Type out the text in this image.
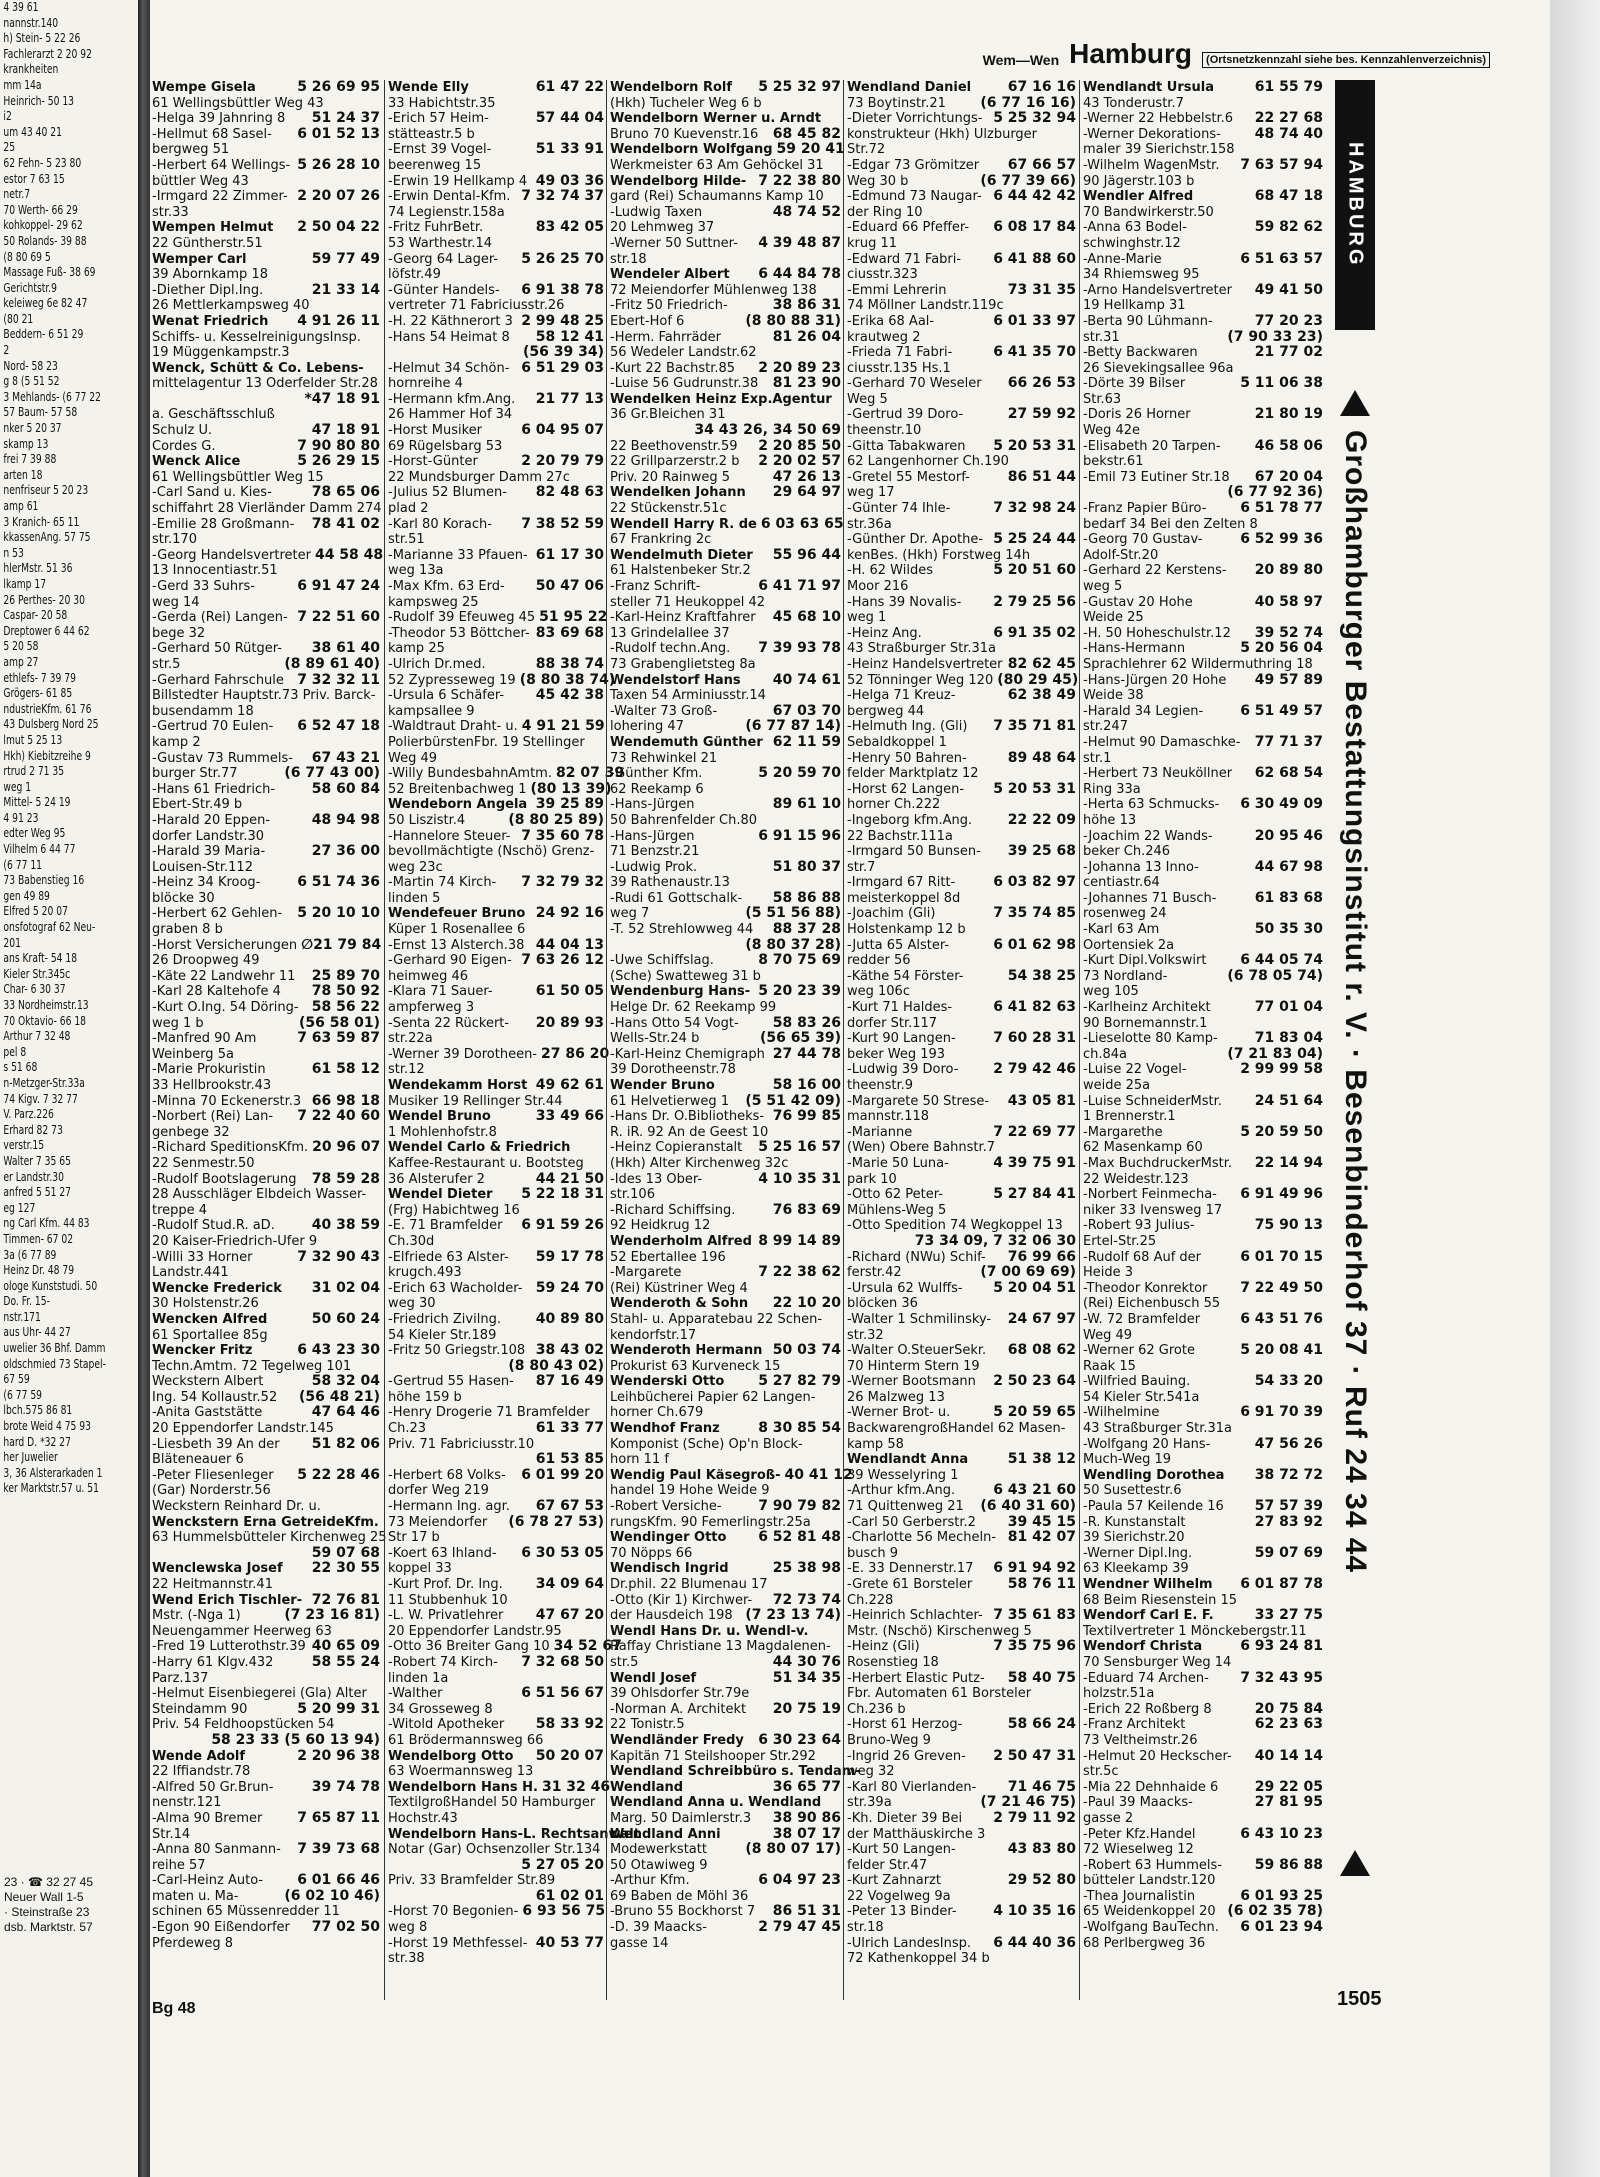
4 39 61
nannstr.140
h) Stein- 5 22 26
Fachlerarzt 2 20 92
krankheiten
mm 14a
Heinrich- 50 13
i2
um 43 40 21
25
62 Fehn- 5 23 80
estor 7 63 15
netr.7
70 Werth- 66 29
kohkoppel- 29 62
50 Rolands- 39 88
(8 80 69 5
Massage Fuß- 38 69
Gerichtstr.9
keleiweg 6e 82 47
(80 21
Beddern- 6 51 29
2
Nord- 58 23
g 8 (5 51 52
3 Mehlands- (6 77 22
57 Baum- 57 58
nker 5 20 37
skamp 13
frei 7 39 88
arten 18
nenfriseur 5 20 23
amp 61
3 Kranich- 65 11
kkassenAng. 57 75
n 53
hlerMstr. 51 36
lkamp 17
26 Perthes- 20 30
Caspar- 20 58
Dreptower 6 44 62
5 20 58
amp 27
ethlefs- 7 39 79
Grögers- 61 85
ndustrieKfm. 61 76
43 Dulsberg Nord 25
lmut 5 25 13
Hkh) Kiebitzreihe 9
rtrud 2 71 35
weg 1
Mittel- 5 24 19
4 91 23
edter Weg 95
Vilhelm 6 44 77
(6 77 11
73 Babenstieg 16
gen 49 89
Elfred 5 20 07
onsfotograf 62 Neu-
201
ans Kraft- 54 18
Kieler Str.345c
Char- 6 30 37
33 Nordheimstr.13
70 Oktavio- 66 18
Arthur 7 32 48
pel 8
s 51 68
n-Metzger-Str.33a
74 Kigv. 7 32 77
V. Parz.226
Erhard 82 73
verstr.15
Walter 7 35 65
er Landstr.30
anfred 5 51 27
eg 127
ng Carl Kfm. 44 83
Timmen- 67 02
3a (6 77 89
Heinz Dr. 48 79
ologe Kunststudi. 50
Do. Fr. 15-
nstr.171
aus Uhr- 44 27
uwelier 36 Bhf. Damm
oldschmied 73 Stapel-
67 59
(6 77 59
lbch.575 86 81
brote Weid 4 75 93
hard D. *32 27
her Juwelier
3, 36 Alsterarkaden 1
ker Marktstr.57 u. 51
23 · ☎ 32 27 45
Neuer Wall 1-5
· Steinstraße 23
dsb. Marktstr. 57
Wem—Wen Hamburg	(Ortsnetzkennzahl siehe bes. Kennzahlenverzeichnis)
Wempe Gisela	5 26 69 95
61 Wellingsbüttler Weg 43
-Helga 39 Jahnring 8	51 24 37
-Hellmut 68 Sasel-	6 01 52 13
bergweg 51
-Herbert 64 Wellings- 5 26 28 10
büttler Weg 43
-Irmgard 22 Zimmer- 2 20 07 26
str.33
Wempen Helmut	2 50 04 22
22 Güntherstr.51
Wemper Carl	59 77 49
39 Abornkamp 18
-Diether Dipl.Ing.	21 33 14
26 Mettlerkampsweg 40
Wenat Friedrich	4 91 26 11
Schiffs- u. KesselreinigungsInsp.
19 Müggenkampstr.3
Wenck, Schütt & Co. Lebens-
mittelagentur 13 Oderfelder Str.28
*47 18 91
a. Geschäftsschluß
Schulz U.	47 18 91
Cordes G.	7 90 80 80
Wenck Alice	5 26 29 15
61 Wellingsbüttler Weg 15
-Carl Sand u. Kies-	78 65 06
schiffahrt 28 Vierländer Damm 274
-Emilie 28 Großmann-	78 41 02
str.170
-Georg Handelsvertreter 44 58 48
13 Innocentiastr.51
-Gerd 33 Suhrs-	6 91 47 24
weg 14
-Gerda (Rei) Langen- 7 22 51 60
bege 32
-Gerhard 50 Rütger-	38 61 40
str.5	(8 89 61 40)
-Gerhard Fahrschule 7 32 32 11
Billstedter Hauptstr.73 Priv. Barck-
busendamm 18
-Gertrud 70 Eulen-	6 52 47 18
kamp 2
-Gustav 73 Rummels-	67 43 21
burger Str.77	(6 77 43 00)
-Hans 61 Friedrich-	58 60 84
Ebert-Str.49 b
-Harald 20 Eppen-	48 94 98
dorfer Landstr.30
-Harald 39 Maria-	27 36 00
Louisen-Str.112
-Heinz 34 Kroog-	6 51 74 36
blöcke 30
-Herbert 62 Gehlen-	5 20 10 10
graben 8 b
-Horst Versicherungen ∅21 79 84
26 Droopweg 49
-Käte 22 Landwehr 11	25 89 70
-Karl 28 Kaltehofe 4	78 50 92
-Kurt O.Ing. 54 Döring- 58 56 22
weg 1 b	(56 58 01)
-Manfred 90 Am	7 63 59 87
Weinberg 5a
-Marie Prokuristin	61 58 12
33 Hellbrookstr.43
-Minna 70 Eckenerstr.3 66 98 18
-Norbert (Rei) Lan-	7 22 40 60
genbege 32
-Richard SpeditionsKfm. 20 96 07
22 Senmestr.50
-Rudolf Bootslagerung	78 59 28
28 Ausschläger Elbdeich Wasser-
treppe 4
-Rudolf Stud.R. aD.	40 38 59
20 Kaiser-Friedrich-Ufer 9
-Willi 33 Horner	7 32 90 43
Landstr.441
Wencke Frederick	31 02 04
30 Holstenstr.26
Wencken Alfred	50 60 24
61 Sportallee 85g
Wencker Fritz	6 43 23 30
Techn.Amtm. 72 Tegelweg 101
Weckstern Albert	58 32 04
Ing. 54 Kollaustr.52	(56 48 21)
-Anita Gaststätte	47 64 46
20 Eppendorfer Landstr.145
-Liesbeth 39 An der	51 82 06
Bläteneauer 6
-Peter Fliesenleger	5 22 28 46
(Gar) Norderstr.56
Weckstern Reinhard Dr. u.
Wenckstern Erna GetreideKfm.
63 Hummelsbütteler Kirchenweg 25
59 07 68
Wenclewska Josef	22 30 55
22 Heitmannstr.41
Wend Erich Tischler- 72 76 81
Mstr. (-Nga 1)	(7 23 16 81)
Neuengammer Heerweg 63
-Fred 19 Lutterothstr.39 40 65 09
-Harry 61 Klgv.432	58 55 24
Parz.137
-Helmut Eisenbiegerei (Gla) Alter
Steindamm 90	5 20 99 31
Priv. 54 Feldhoopstücken 54
58 23 33 (5 60 13 94)
Wende Adolf	2 20 96 38
22 Iffiandstr.78
-Alfred 50 Gr.Brun-	39 74 78
nenstr.121
-Alma 90 Bremer	7 65 87 11
Str.14
-Anna 80 Sanmann-	7 39 73 68
reihe 57
-Carl-Heinz Auto-	6 01 66 46
maten u. Ma-	(6 02 10 46)
schinen 65 Müssenredder 11
-Egon 90 Eißendorfer	77 02 50
Pferdeweg 8
Wende Elly	61 47 22
33 Habichtstr.35
-Erich 57 Heim-	57 44 04
stätteastr.5 b
-Ernst 39 Vogel-	51 33 91
beerenweg 15
-Erwin 19 Hellkamp 4 49 03 36
-Erwin Dental-Kfm. 7 32 74 37
74 Legienstr.158a
-Fritz FuhrBetr.	83 42 05
53 Warthestr.14
-Georg 64 Lager-	5 26 25 70
löfstr.49
-Günter Handels-	6 91 38 78
vertreter 71 Fabriciusstr.26
-H. 22 Käthnerort 3 2 99 48 25
-Hans 54 Heimat 8	58 12 41
(56 39 34)
-Helmut 34 Schön- 6 51 29 03
hornreihe 4
-Hermann kfm.Ang.	21 77 13
26 Hammer Hof 34
-Horst Musiker	6 04 95 07
69 Rügelsbarg 53
-Horst-Günter	2 20 79 79
22 Mundsburger Damm 27c
-Julius 52 Blumen-	82 48 63
plad 2
-Karl 80 Korach-	7 38 52 59
str.51
-Marianne 33 Pfauen- 61 17 30
weg 13a
-Max Kfm. 63 Erd-	50 47 06
kampsweg 25
-Rudolf 39 Efeuweg 45 51 95 22
-Theodor 53 Böttcher- 83 69 68
kamp 25
-Ulrich Dr.med.	88 38 74
52 Zypresseweg 19 (8 80 38 74)
-Ursula 6 Schäfer-	45 42 38
kampsallee 9
-Waldtraut Draht- u. 4 91 21 59
PolierbürstenFbr. 19 Stellinger
Weg 49
-Willy BundesbahnAmtm. 82 07 39
52 Breitenbachweg 1 (80 13 39)
Wendeborn Angela 39 25 89
50 Liszistr.4	(8 80 25 89)
-Hannelore Steuer- 7 35 60 78
bevollmächtigte (Nschö) Grenz-
weg 23c
-Martin 74 Kirch-	7 32 79 32
linden 5
Wendefeuer Bruno 24 92 16
Küper 1 Rosenallee 6
-Ernst 13 Alsterch.38 44 04 13
-Gerhard 90 Eigen- 7 63 26 12
heimweg 46
-Klara 71 Sauer-	61 50 05
ampferweg 3
-Senta 22 Rückert-	20 89 93
str.22a
-Werner 39 Dorotheen- 27 86 20
str.12
Wendekamm Horst 49 62 61
Musiker 19 Rellinger Str.44
Wendel Bruno	33 49 66
1 Mohlenhofstr.8
Wendel Carlo & Friedrich
Kaffee-Restaurant u. Bootsteg
36 Alsterufer 2	44 21 50
Wendel Dieter	5 22 18 31
(Frg) Habichtweg 16
-E. 71 Bramfelder	6 91 59 26
Ch.30d
-Elfriede 63 Alster-	59 17 78
krugch.493
-Erich 63 Wacholder- 59 24 70
weg 30
-Friedrich Zivilng.	40 89 80
54 Kieler Str.189
-Fritz 50 Griegstr.108 38 43 02
(8 80 43 02)
-Gertrud 55 Hasen-	87 16 49
höhe 159 b
-Henry Drogerie 71 Bramfelder
Ch.23	61 33 77
Priv. 71 Fabriciusstr.10
61 53 85
-Herbert 68 Volks-	6 01 99 20
dorfer Weg 219
-Hermann Ing. agr.	67 67 53
73 Meiendorfer	(6 78 27 53)
Str 17 b
-Koert 63 Ihland-	6 30 53 05
koppel 33
-Kurt Prof. Dr. Ing.	34 09 64
11 Stubbenhuk 10
-L. W. Privatlehrer	47 67 20
20 Eppendorfer Landstr.95
-Otto 36 Breiter Gang 10 34 52 67
-Robert 74 Kirch-	7 32 68 50
linden 1a
-Walther	6 51 56 67
34 Grosseweg 8
-Witold Apotheker	58 33 92
61 Brödermannsweg 66
Wendelborg Otto	50 20 07
63 Woermannsweg 13
Wendelborn Hans H. 31 32 46
TextilgroßHandel 50 Hamburger
Hochstr.43
Wendelborn Hans-L. Rechtsanwalt
Notar (Gar) Ochsenzoller Str.134
5 27 05 20
Priv. 33 Bramfelder Str.89
61 02 01
-Horst 70 Begonien- 6 93 56 75
weg 8
-Horst 19 Methfessel- 40 53 77
str.38
Wendelborn Rolf	5 25 32 97
(Hkh) Tucheler Weg 6 b
Wendelborn Werner u. Arndt
Bruno 70 Kuevenstr.16	68 45 82
Wendelborn Wolfgang 59 20 41
Werkmeister 63 Am Gehöckel 31
Wendelborg Hilde- 7 22 38 80
gard (Rei) Schaumanns Kamp 10
-Ludwig Taxen	48 74 52
20 Lehmweg 37
-Werner 50 Suttner-	4 39 48 87
str.18
Wendeler Albert	6 44 84 78
72 Meiendorfer Mühlenweg 138
-Fritz 50 Friedrich-	38 86 31
Ebert-Hof 6	(8 80 88 31)
-Herm. Fahrräder	81 26 04
56 Wedeler Landstr.62
-Kurt 22 Bachstr.85	2 20 89 23
-Luise 56 Gudrunstr.38	81 23 90
Wendelken Heinz Exp.Agentur
36 Gr.Bleichen 31
34 43 26, 34 50 69
22 Beethovenstr.59	2 20 85 50
22 Grillparzerstr.2 b	2 20 02 57
Priv. 20 Rainweg 5	47 26 13
Wendelken Johann	29 64 97
22 Stückenstr.51c
Wendell Harry R. de 6 03 63 65
67 Frankring 2c
Wendelmuth Dieter	55 96 44
61 Halstenbeker Str.2
-Franz Schrift-	6 41 71 97
steller 71 Heukoppel 42
-Karl-Heinz Kraftfahrer	45 68 10
13 Grindelallee 37
-Rudolf techn.Ang.	7 39 93 78
73 Grabenglietsteg 8a
Wendelstorf Hans	40 74 61
Taxen 54 Arminiusstr.14
-Walter 73 Groß-	67 03 70
lohering 47	(6 77 87 14)
Wendemuth Günther 62 11 59
73 Rehwinkel 21
-Günther Kfm.	5 20 59 70
62 Reekamp 6
-Hans-Jürgen	89 61 10
50 Bahrenfelder Ch.80
-Hans-Jürgen	6 91 15 96
71 Benzstr.21
-Ludwig Prok.	51 80 37
39 Rathenaustr.13
-Rudi 61 Gottschalk-	58 86 88
weg 7	(5 51 56 88)
-T. 52 Strehlowweg 44	88 37 28
(8 80 37 28)
-Uwe Schiffslag.	8 70 75 69
(Sche) Swatteweg 31 b
Wendenburg Hans- 5 20 23 39
Helge Dr. 62 Reekamp 99
-Hans Otto 54 Vogt-	58 83 26
Wells-Str.24 b	(56 65 39)
-Karl-Heinz Chemigraph 27 44 78
39 Dorotheenstr.78
Wender Bruno	58 16 00
61 Helvetierweg 1	(5 51 42 09)
-Hans Dr. O.Bibliotheks- 76 99 85
R. iR. 92 An de Geest 10
-Heinz Copieranstalt	5 25 16 57
(Hkh) Alter Kirchenweg 32c
-Ides 13 Ober-	4 10 35 31
str.106
-Richard Schiffsing.	76 83 69
92 Heidkrug 12
Wenderholm Alfred 8 99 14 89
52 Ebertallee 196
-Margarete	7 22 38 62
(Rei) Küstriner Weg 4
Wenderoth & Sohn	22 10 20
Stahl- u. Apparatebau 22 Schen-
kendorfstr.17
Wenderoth Hermann 50 03 74
Prokurist 63 Kurveneck 15
Wenderski Otto	5 27 82 79
Leihbücherei Papier 62 Langen-
horner Ch.679
Wendhof Franz	8 30 85 54
Komponist (Sche) Op'n Block-
horn 11 f
Wendig Paul Käsegroß- 40 41 12
handel 19 Hohe Weide 9
-Robert Versiche-	7 90 79 82
rungsKfm. 90 Femerlingstr.25a
Wendinger Otto	6 52 81 48
70 Nöpps 66
Wendisch Ingrid	25 38 98
Dr.phil. 22 Blumenau 17
-Otto (Kir 1) Kirchwer-	72 73 74
der Hausdeich 198 (7 23 13 74)
Wendl Hans Dr. u. Wendl-v.
Raffay Christiane 13 Magdalenen-
str.5	44 30 76
Wendl Josef	51 34 35
39 Ohlsdorfer Str.79e
-Norman A. Architekt	20 75 19
22 Tonistr.5
Wendländer Fredy	6 30 23 64
Kapitän 71 Steilshooper Str.292
Wendland Schreibbüro s. Tendam-
Wendland	36 65 77
Wendland Anna u. Wendland
Marg. 50 Daimlerstr.3	38 90 86
Wendland Anni	38 07 17
Modewerkstatt	(8 80 07 17)
50 Otawiweg 9
-Arthur Kfm.	6 04 97 23
69 Baben de Möhl 36
-Bruno 55 Bockhorst 7	86 51 31
-D. 39 Maacks-	2 79 47 45
gasse 14
Wendland Daniel	67 16 16
73 Boytinstr.21	(6 77 16 16)
-Dieter Vorrichtungs- 5 25 32 94
konstrukteur (Hkh) Ulzburger
Str.72
-Edgar 73 Grömitzer	67 66 57
Weg 30 b	(6 77 39 66)
-Edmund 73 Naugar- 6 44 42 42
der Ring 10
-Eduard 66 Pfeffer-	6 08 17 84
krug 11
-Edward 71 Fabri-	6 41 88 60
ciusstr.323
-Emmi Lehrerin	73 31 35
74 Möllner Landstr.119c
-Erika 68 Aal-	6 01 33 97
krautweg 2
-Frieda 71 Fabri-	6 41 35 70
ciusstr.135 Hs.1
-Gerhard 70 Weseler	66 26 53
Weg 5
-Gertrud 39 Doro-	27 59 92
theenstr.10
-Gitta Tabakwaren	5 20 53 31
62 Langenhorner Ch.190
-Gretel 55 Mestorf-	86 51 44
weg 17
-Günter 74 Ihle-	7 32 98 24
str.36a
-Günther Dr. Apothe- 5 25 24 44
kenBes. (Hkh) Forstweg 14h
-H. 62 Wildes	5 20 51 60
Moor 216
-Hans 39 Novalis-	2 79 25 56
weg 1
-Heinz Ang.	6 91 35 02
43 Straßburger Str.31a
-Heinz Handelsvertreter 82 62 45
52 Tönninger Weg 120 (80 29 45)
-Helga 71 Kreuz-	62 38 49
bergweg 44
-Helmuth Ing. (Gli)	7 35 71 81
Sebaldkoppel 1
-Henry 50 Bahren-	89 48 64
felder Marktplatz 12
-Horst 62 Langen-	5 20 53 31
horner Ch.222
-Ingeborg kfm.Ang.	22 22 09
22 Bachstr.111a
-Irmgard 50 Bunsen-	39 25 68
str.7
-Irmgard 67 Ritt-	6 03 82 97
meisterkoppel 8d
-Joachim (Gli)	7 35 74 85
Holstenkamp 12 b
-Jutta 65 Alster-	6 01 62 98
redder 56
-Käthe 54 Förster-	54 38 25
weg 106c
-Kurt 71 Haldes-	6 41 82 63
dorfer Str.117
-Kurt 90 Langen-	7 60 28 31
beker Weg 193
-Ludwig 39 Doro-	2 79 42 46
theenstr.9
-Margarete 50 Strese-	43 05 81
mannstr.118
-Marianne	7 22 69 77
(Wen) Obere Bahnstr.7
-Marie 50 Luna-	4 39 75 91
park 10
-Otto 62 Peter-	5 27 84 41
Mühlens-Weg 5
-Otto Spedition 74 Wegkoppel 13
73 34 09, 7 32 06 30
-Richard (NWu) Schif-	76 99 66
ferstr.42	(7 00 69 69)
-Ursula 62 Wulffs-	5 20 04 51
blöcken 36
-Walter 1 Schmilinsky-	24 67 97
str.32
-Walter O.SteuerSekr.	68 08 62
70 Hinterm Stern 19
-Werner Bootsmann	2 50 23 64
26 Malzweg 13
-Werner Brot- u.	5 20 59 65
BackwarengroßHandel 62 Masen-
kamp 58
Wendlandt Anna	51 38 12
39 Wesselyring 1
-Arthur kfm.Ang.	6 43 21 60
71 Quittenweg 21	(6 40 31 60)
-Carl 50 Gerberstr.2	39 45 15
-Charlotte 56 Mecheln- 81 42 07
busch 9
-E. 33 Dennerstr.17	6 91 94 92
-Grete 61 Borsteler	58 76 11
Ch.228
-Heinrich Schlachter- 7 35 61 83
Mstr. (Nschö) Kirschenweg 5
-Heinz (Gli)	7 35 75 96
Rosenstieg 18
-Herbert Elastic Putz-	58 40 75
Fbr. Automaten 61 Borsteler
Ch.236 b
-Horst 61 Herzog-	58 66 24
Bruno-Weg 9
-Ingrid 26 Greven-	2 50 47 31
weg 32
-Karl 80 Vierlanden-	71 46 75
str.39a	(7 21 46 75)
-Kh. Dieter 39 Bei	2 79 11 92
der Matthäuskirche 3
-Kurt 50 Langen-	43 83 80
felder Str.47
-Kurt Zahnarzt	29 52 80
22 Vogelweg 9a
-Peter 13 Binder-	4 10 35 16
str.18
-Ulrich LandesInsp.	6 44 40 36
72 Kathenkoppel 34 b
Wendlandt Ursula	61 55 79
43 Tonderustr.7
-Werner 22 Hebbelstr.6	22 27 68
-Werner Dekorations-	48 74 40
maler 39 Sierichstr.158
-Wilhelm WagenMstr.	7 63 57 94
90 Jägerstr.103 b
Wendler Alfred	68 47 18
70 Bandwirkerstr.50
-Anna 63 Bodel-	59 82 62
schwinghstr.12
-Anne-Marie	6 51 63 57
34 Rhiemsweg 95
-Arno Handelsvertreter	49 41 50
19 Hellkamp 31
-Berta 90 Lühmann-	77 20 23
str.31	(7 90 33 23)
-Betty Backwaren	21 77 02
26 Sievekingsallee 96a
-Dörte 39 Bilser	5 11 06 38
Str.63
-Doris 26 Horner	21 80 19
Weg 42e
-Elisabeth 20 Tarpen-	46 58 06
bekstr.61
-Emil 73 Eutiner Str.18	67 20 04
(6 77 92 36)
-Franz Papier Büro-	6 51 78 77
bedarf 34 Bei den Zelten 8
-Georg 70 Gustav-	6 52 99 36
Adolf-Str.20
-Gerhard 22 Kerstens-	20 89 80
weg 5
-Gustav 20 Hohe	40 58 97
Weide 25
-H. 50 Hoheschulstr.12	39 52 74
-Hans-Hermann	5 20 56 04
Sprachlehrer 62 Wildermuthring 18
-Hans-Jürgen 20 Hohe	49 57 89
Weide 38
-Harald 34 Legien-	6 51 49 57
str.247
-Helmut 90 Damaschke-	77 71 37
str.1
-Herbert 73 Neuköllner	62 68 54
Ring 33a
-Herta 63 Schmucks-	6 30 49 09
höhe 13
-Joachim 22 Wands-	20 95 46
beker Ch.246
-Johanna 13 Inno-	44 67 98
centiastr.64
-Johannes 71 Busch-	61 83 68
rosenweg 24
-Karl 63 Am	50 35 30
Oortensiek 2a
-Kurt Dipl.Volkswirt	6 44 05 74
73 Nordland-	(6 78 05 74)
weg 105
-Karlheinz Architekt	77 01 04
90 Bornemannstr.1
-Lieselotte 80 Kamp-	71 83 04
ch.84a	(7 21 83 04)
-Luise 22 Vogel-	2 99 99 58
weide 25a
-Luise SchneiderMstr.	24 51 64
1 Brennerstr.1
-Margarethe	5 20 59 50
62 Masenkamp 60
-Max BuchdruckerMstr.	22 14 94
22 Weidestr.123
-Norbert Feinmecha-	6 91 49 96
niker 33 Ivensweg 17
-Robert 93 Julius-	75 90 13
Ertel-Str.25
-Rudolf 68 Auf der	6 01 70 15
Heide 3
-Theodor Konrektor	7 22 49 50
(Rei) Eichenbusch 55
-W. 72 Bramfelder	6 43 51 76
Weg 49
-Werner 62 Grote	5 20 08 41
Raak 15
-Wilfried Bauing.	54 33 20
54 Kieler Str.541a
-Wilhelmine	6 91 70 39
43 Straßburger Str.31a
-Wolfgang 20 Hans-	47 56 26
Much-Weg 19
Wendling Dorothea	38 72 72
50 Susettestr.6
-Paula 57 Keilende 16	57 57 39
-R. Kunstanstalt	27 83 92
39 Sierichstr.20
-Werner Dipl.Ing.	59 07 69
63 Kleekamp 39
Wendner Wilhelm	6 01 87 78
68 Beim Riesenstein 15
Wendorf Carl E. F.	33 27 75
Textilvertreter 1 Mönckebergstr.11
Wendorf Christa	6 93 24 81
70 Sensburger Weg 14
-Eduard 74 Archen-	7 32 43 95
holzstr.51a
-Erich 22 Roßberg 8	20 75 84
-Franz Architekt	62 23 63
73 Veltheimstr.26
-Helmut 20 Heckscher-	40 14 14
str.5c
-Mia 22 Dehnhaide 6	29 22 05
-Paul 39 Maacks-	27 81 95
gasse 2
-Peter Kfz.Handel	6 43 10 23
72 Wieselweg 12
-Robert 63 Hummels-	59 86 88
bütteler Landstr.120
-Thea Journalistin	6 01 93 25
65 Weidenkoppel 20 (6 02 35 78)
-Wolfgang BauTechn.	6 01 23 94
68 Perlbergweg 36
HAMBURG
Großhamburger Bestattungsinstitut r. V. · Besenbinderhof 37 · Ruf 24 34 44
1505
Bg 48
